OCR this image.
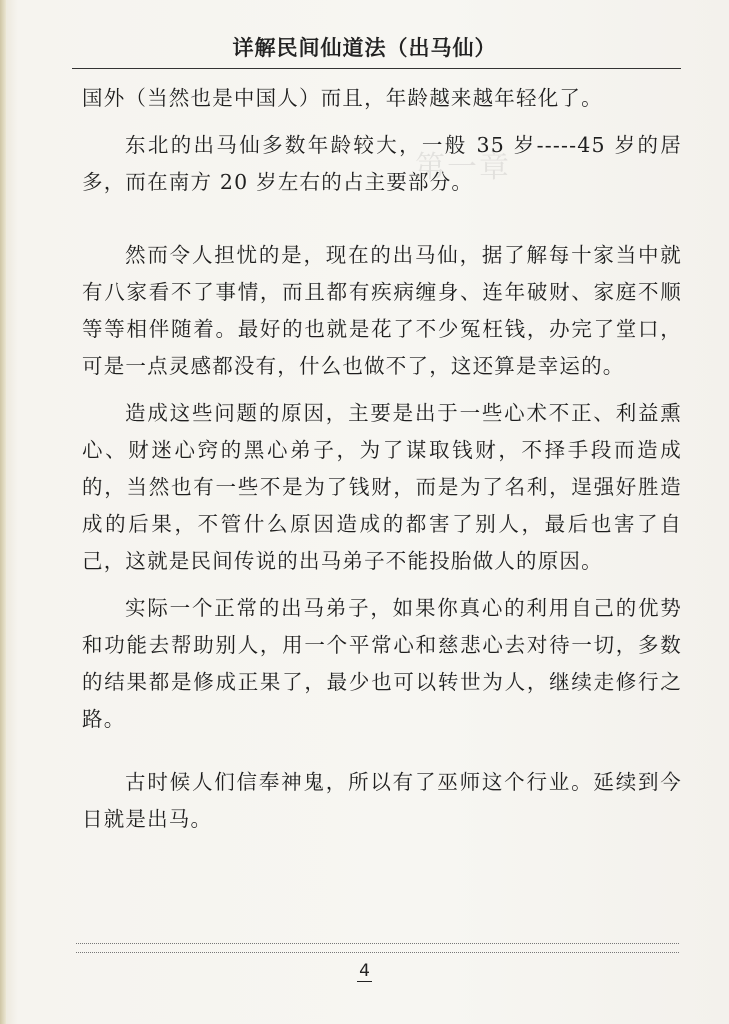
详解民间仙道法（出马仙）
第一章

国外（当然也是中国人）而且，年龄越来越年轻化了。

东北的出马仙多数年龄较大，一般 35 岁-----45 岁的居多，而在南方 20 岁左右的占主要部分。

然而令人担忧的是，现在的出马仙，据了解每十家当中就有八家看不了事情，而且都有疾病缠身、连年破财、家庭不顺等等相伴随着。最好的也就是花了不少冤枉钱，办完了堂口，可是一点灵感都没有，什么也做不了，这还算是幸运的。

造成这些问题的原因，主要是出于一些心术不正、利益熏心、财迷心窍的黑心弟子，为了谋取钱财，不择手段而造成的，当然也有一些不是为了钱财，而是为了名利，逞强好胜造成的后果，不管什么原因造成的都害了别人，最后也害了自己，这就是民间传说的出马弟子不能投胎做人的原因。

实际一个正常的出马弟子，如果你真心的利用自己的优势和功能去帮助别人，用一个平常心和慈悲心去对待一切，多数的结果都是修成正果了，最少也可以转世为人，继续走修行之路。

古时候人们信奉神鬼，所以有了巫师这个行业。延续到今日就是出马。

4
